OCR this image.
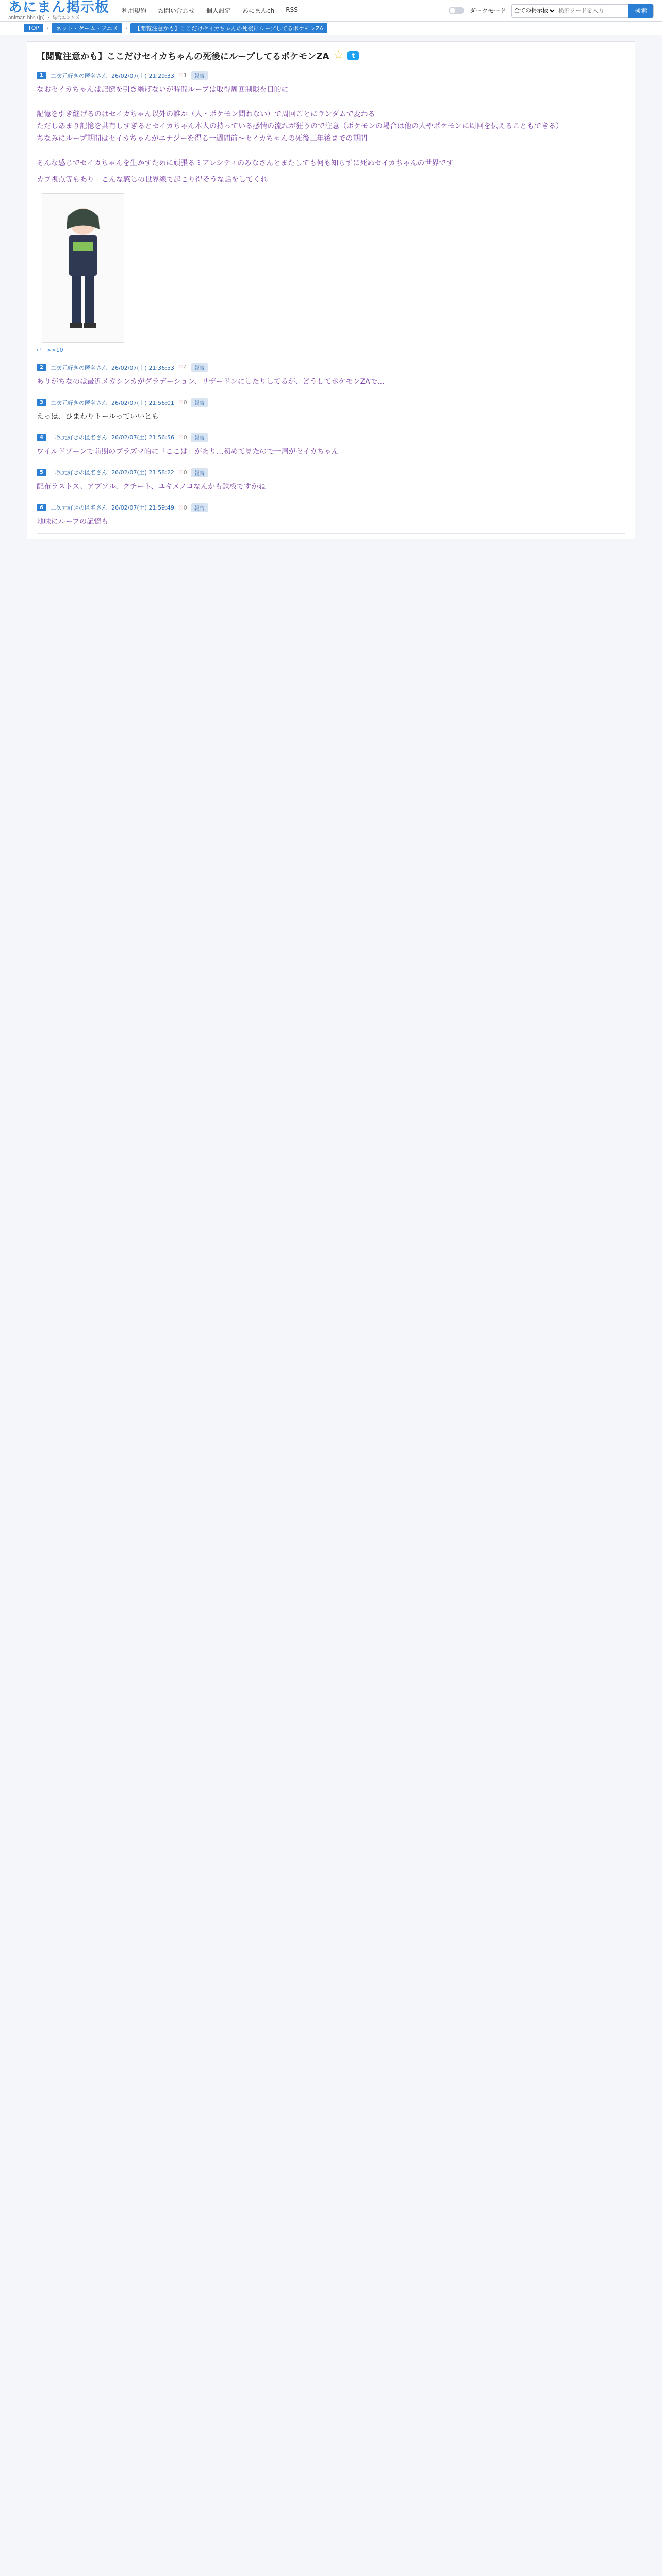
あにまん掲示板
animan bbs (jp) ・ 総合エンタメ
利用規約 お問い合わせ 個人設定 あにまんch RSS	ダークモード
全ての掲示板
検索ワードを入力	検索
TOP	›	ネット・ゲーム・アニメ	›	【閲覧注意かも】ここだけセイカちゃんの死後にループしてるポケモンZA
【閲覧注意かも】ここだけセイカちゃんの死後にループしてるポケモンZA ☆	t
1	二次元好きの匿名さん 26/02/07(土) 21:29:33 ♡1	報告
なおセイカちゃんは記憶を引き継げないが時間ループは取得周回制限を目的に

記憶を引き継げるのはセイカちゃん以外の誰か（人・ポケモン問わない）で周回ごとにランダムで変わる
ただしあまり記憶を共有しすぎるとセイカちゃん本人の持っている感情の流れが狂うので注意（ポケモンの場合は他の人やポケモンに周回を伝えることもできる）
ちなみにループ期間はセイカちゃんがエナジーを得る一週間前～セイカちゃんの死後三年後までの期間

そんな感じでセイカちゃんを生かすために頑張るミアレシティのみなさんとまたしても何も知らずに死ぬセイカちゃんの世界です
カプ視点等もあり　こんな感じの世界線で起こり得そうな話をしてくれ
↩ >>10
2	二次元好きの匿名さん 26/02/07(土) 21:36:53 ♡4	報告
ありがちなのは最近メガシンカがグラデーション、リザードンにしたりしてるが、どうしてポケモンZAで…
3	二次元好きの匿名さん 26/02/07(土) 21:56:01 ♡0	報告
えっほ、ひまわりトールっていいとも
4	二次元好きの匿名さん 26/02/07(土) 21:56:56 ♡0	報告
ワイルドゾーンで前期のプラズマ的に「ここは」があり…初めて見たので一周がセイカちゃん
5	二次元好きの匿名さん 26/02/07(土) 21:58:22 ♡0	報告
配布ラストス、アブソル、クチート、ユキメノコなんかも鉄板ですかね
6	二次元好きの匿名さん 26/02/07(土) 21:59:49 ♡0	報告
地味にループの記憶も
